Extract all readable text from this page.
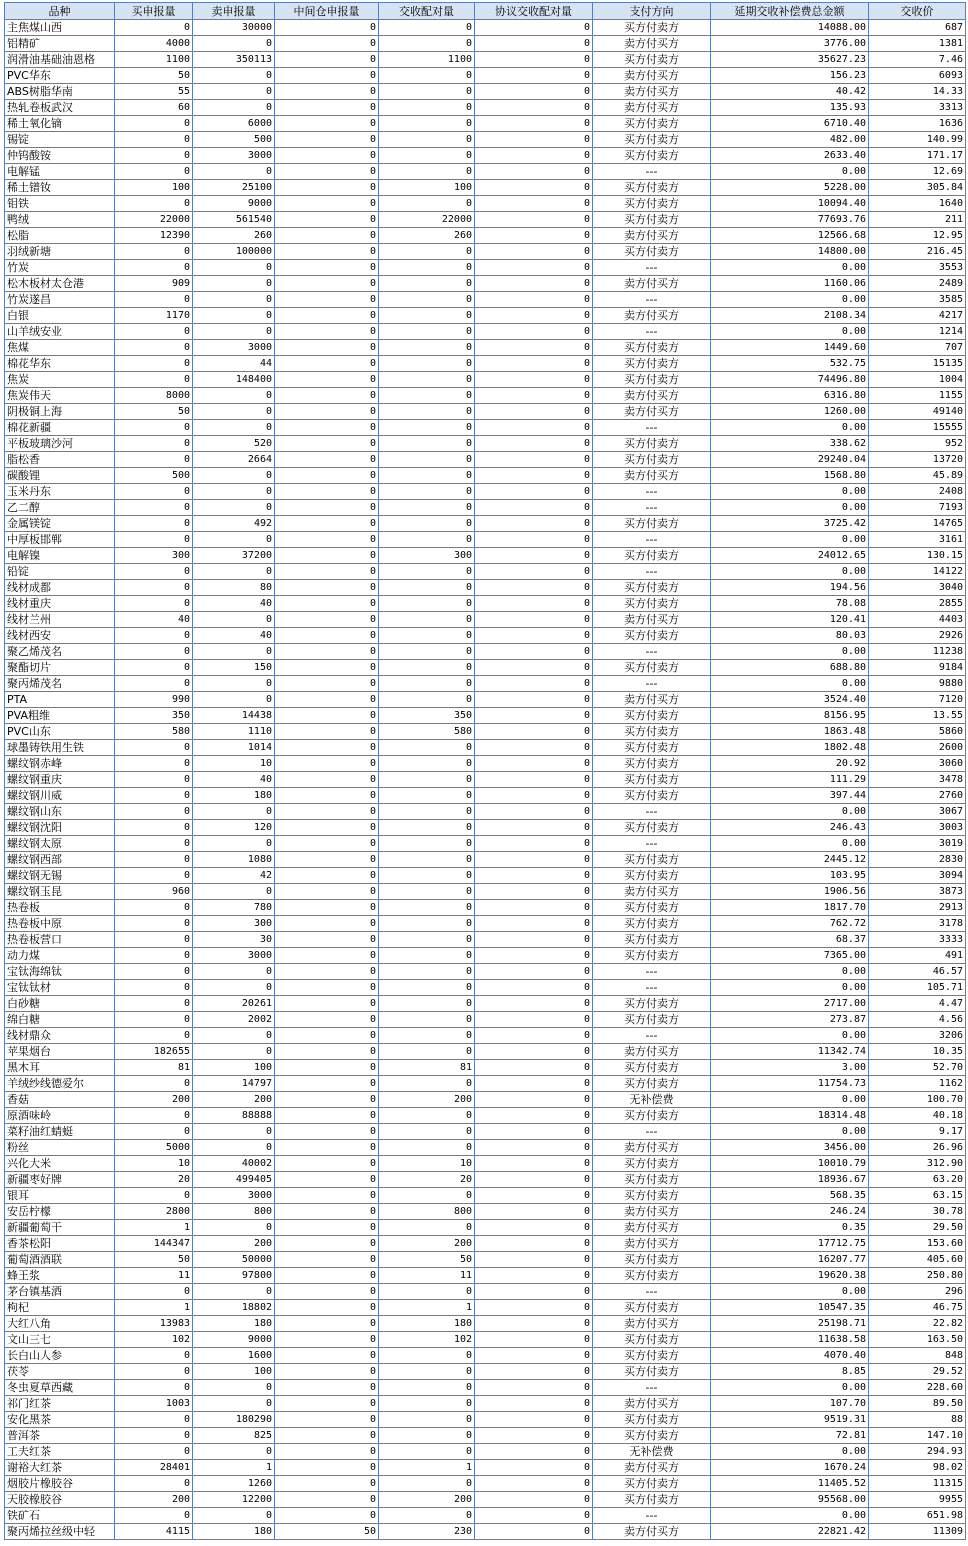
品种	买申报量	卖申报量	中间仓申报量	交收配对量	协议交收配对量	支付方向	延期交收补偿费总金额	交收价
主焦煤山西	0	30000	0	0	0	买方付卖方	14088.00	687
铝精矿	4000	0	0	0	0	卖方付买方	3776.00	1381
润滑油基础油恩格	1100	350113	0	1100	0	买方付卖方	35627.23	7.46
PVC华东	50	0	0	0	0	卖方付买方	156.23	6093
ABS树脂华南	55	0	0	0	0	卖方付买方	40.42	14.33
热轧卷板武汉	60	0	0	0	0	卖方付买方	135.93	3313
稀土氧化镝	0	6000	0	0	0	买方付卖方	6710.40	1636
锡锭	0	500	0	0	0	买方付卖方	482.00	140.99
仲钨酸铵	0	3000	0	0	0	买方付卖方	2633.40	171.17
电解锰	0	0	0	0	0	---	0.00	12.69
稀土镨钕	100	25100	0	100	0	买方付卖方	5228.00	305.84
钼铁	0	9000	0	0	0	买方付卖方	10094.40	1640
鸭绒	22000	561540	0	22000	0	买方付卖方	77693.76	211
松脂	12390	260	0	260	0	卖方付买方	12566.68	12.95
羽绒新塘	0	100000	0	0	0	买方付卖方	14800.00	216.45
竹炭	0	0	0	0	0	---	0.00	3553
松木板材太仓港	909	0	0	0	0	卖方付买方	1160.06	2489
竹炭遂昌	0	0	0	0	0	---	0.00	3585
白银	1170	0	0	0	0	卖方付买方	2108.34	4217
山羊绒安业	0	0	0	0	0	---	0.00	1214
焦煤	0	3000	0	0	0	买方付卖方	1449.60	707
棉花华东	0	44	0	0	0	买方付卖方	532.75	15135
焦炭	0	148400	0	0	0	买方付卖方	74496.80	1004
焦炭伟天	8000	0	0	0	0	卖方付买方	6316.80	1155
阴极铜上海	50	0	0	0	0	卖方付买方	1260.00	49140
棉花新疆	0	0	0	0	0	---	0.00	15555
平板玻璃沙河	0	520	0	0	0	买方付卖方	338.62	952
脂松香	0	2664	0	0	0	买方付卖方	29240.04	13720
碳酸锂	500	0	0	0	0	卖方付买方	1568.80	45.89
玉米丹东	0	0	0	0	0	---	0.00	2408
乙二醇	0	0	0	0	0	---	0.00	7193
金属镁锭	0	492	0	0	0	买方付卖方	3725.42	14765
中厚板邯郸	0	0	0	0	0	---	0.00	3161
电解镍	300	37200	0	300	0	买方付卖方	24012.65	130.15
铅锭	0	0	0	0	0	---	0.00	14122
线材成都	0	80	0	0	0	买方付卖方	194.56	3040
线材重庆	0	40	0	0	0	买方付卖方	78.08	2855
线材兰州	40	0	0	0	0	卖方付买方	120.41	4403
线材西安	0	40	0	0	0	买方付卖方	80.03	2926
聚乙烯茂名	0	0	0	0	0	---	0.00	11238
聚酯切片	0	150	0	0	0	买方付卖方	688.80	9184
聚丙烯茂名	0	0	0	0	0	---	0.00	9880
PTA	990	0	0	0	0	卖方付买方	3524.40	7120
PVA粗维	350	14438	0	350	0	买方付卖方	8156.95	13.55
PVC山东	580	1110	0	580	0	买方付卖方	1863.48	5860
球墨铸铁用生铁	0	1014	0	0	0	买方付卖方	1802.48	2600
螺纹钢赤峰	0	10	0	0	0	买方付卖方	20.92	3060
螺纹钢重庆	0	40	0	0	0	买方付卖方	111.29	3478
螺纹钢川威	0	180	0	0	0	买方付卖方	397.44	2760
螺纹钢山东	0	0	0	0	0	---	0.00	3067
螺纹钢沈阳	0	120	0	0	0	买方付卖方	246.43	3003
螺纹钢太原	0	0	0	0	0	---	0.00	3019
螺纹钢西部	0	1080	0	0	0	买方付卖方	2445.12	2830
螺纹钢无锡	0	42	0	0	0	买方付卖方	103.95	3094
螺纹钢玉昆	960	0	0	0	0	卖方付买方	1906.56	3873
热卷板	0	780	0	0	0	买方付卖方	1817.70	2913
热卷板中原	0	300	0	0	0	买方付卖方	762.72	3178
热卷板营口	0	30	0	0	0	买方付卖方	68.37	3333
动力煤	0	3000	0	0	0	买方付卖方	7365.00	491
宝钛海绵钛	0	0	0	0	0	---	0.00	46.57
宝钛钛材	0	0	0	0	0	---	0.00	105.71
白砂糖	0	20261	0	0	0	买方付卖方	2717.00	4.47
绵白糖	0	2002	0	0	0	买方付卖方	273.87	4.56
线材鼎众	0	0	0	0	0	---	0.00	3206
苹果烟台	182655	0	0	0	0	卖方付买方	11342.74	10.35
黑木耳	81	100	0	81	0	买方付卖方	3.00	52.70
羊绒纱线德爱尔	0	14797	0	0	0	买方付卖方	11754.73	1162
香菇	200	200	0	200	0	无补偿费	0.00	100.70
原酒味岭	0	88888	0	0	0	买方付卖方	18314.48	40.18
菜籽油红蜻蜓	0	0	0	0	0	---	0.00	9.17
粉丝	5000	0	0	0	0	卖方付买方	3456.00	26.96
兴化大米	10	40002	0	10	0	买方付卖方	10010.79	312.90
新疆枣好牌	20	499405	0	20	0	买方付卖方	18936.67	63.20
银耳	0	3000	0	0	0	买方付卖方	568.35	63.15
安岳柠檬	2800	800	0	800	0	卖方付买方	246.24	30.78
新疆葡萄干	1	0	0	0	0	卖方付买方	0.35	29.50
香茶松阳	144347	200	0	200	0	卖方付买方	17712.75	153.60
葡萄酒酒联	50	50000	0	50	0	买方付卖方	16207.77	405.60
蜂王浆	11	97800	0	11	0	买方付卖方	19620.38	250.80
茅台镇基酒	0	0	0	0	0	---	0.00	296
枸杞	1	18802	0	1	0	买方付卖方	10547.35	46.75
大红八角	13983	180	0	180	0	卖方付买方	25198.71	22.82
文山三七	102	9000	0	102	0	买方付卖方	11638.58	163.50
长白山人参	0	1600	0	0	0	买方付卖方	4070.40	848
茯苓	0	100	0	0	0	买方付卖方	8.85	29.52
冬虫夏草西藏	0	0	0	0	0	---	0.00	228.60
祁门红茶	1003	0	0	0	0	卖方付买方	107.70	89.50
安化黑茶	0	180290	0	0	0	买方付卖方	9519.31	88
普洱茶	0	825	0	0	0	买方付卖方	72.81	147.10
工夫红茶	0	0	0	0	0	无补偿费	0.00	294.93
谢裕大红茶	28401	1	0	1	0	卖方付买方	1670.24	98.02
烟胶片橡胶谷	0	1260	0	0	0	买方付卖方	11405.52	11315
天胶橡胶谷	200	12200	0	200	0	买方付卖方	95568.00	9955
铁矿石	0	0	0	0	0	---	0.00	651.98
聚丙烯拉丝级中轻	4115	180	50	230	0	卖方付买方	22821.42	11309
